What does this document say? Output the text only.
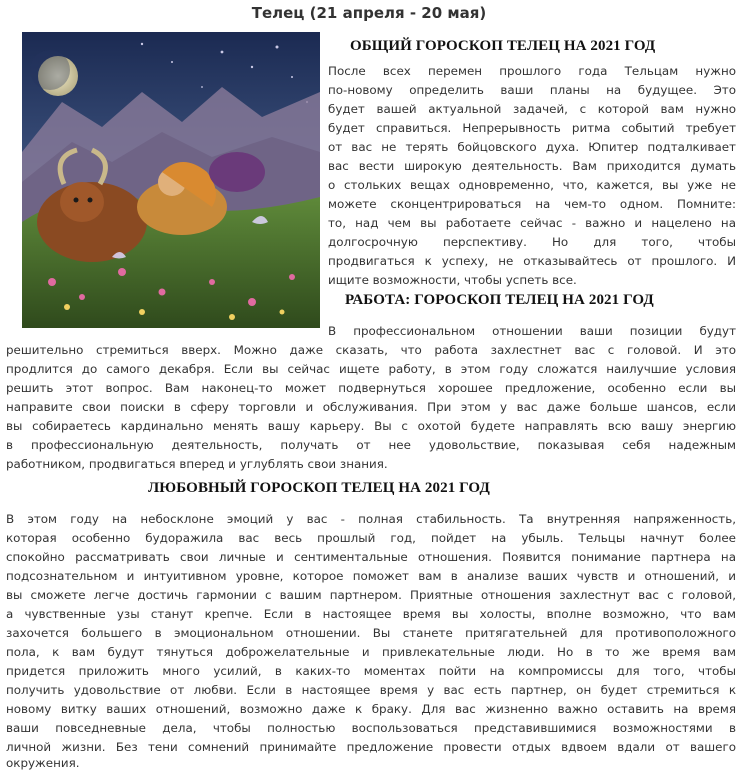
Телец (21 апреля - 20 мая)
ОБЩИЙ ГОРОСКОП ТЕЛЕЦ НА 2021 ГОД
После всех перемен прошлого года Тельцам нужно
по-новому определить ваши планы на будущее. Это
будет вашей актуальной задачей, с которой вам нужно
будет справиться. Непрерывность ритма событий требует
от вас не терять бойцовского духа. Юпитер подталкивает
вас вести широкую деятельность. Вам приходится думать
о стольких вещах одновременно, что, кажется, вы уже не
можете сконцентрироваться на чем-то одном. Помните:
то, над чем вы работаете сейчас - важно и нацелено на
долгосрочную перспективу. Но для того, чтобы
продвигаться к успеху, не отказывайтесь от прошлого. И
ищите возможности, чтобы успеть все.
РАБОТА: ГОРОСКОП ТЕЛЕЦ НА 2021 ГОД
В профессиональном отношении ваши позиции будут
решительно стремиться вверх. Можно даже сказать, что работа захлестнет вас с головой. И это
продлится до самого декабря. Если вы сейчас ищете работу, в этом году сложатся наилучшие условия
решить этот вопрос. Вам наконец-то может подвернуться хорошее предложение, особенно если вы
направите свои поиски в сферу торговли и обслуживания. При этом у вас даже больше шансов, если
вы собираетесь кардинально менять вашу карьеру. Вы с охотой будете направлять всю вашу энергию
в профессиональную деятельность, получать от нее удовольствие, показывая себя надежным
работником, продвигаться вперед и углублять свои знания.
ЛЮБОВНЫЙ ГОРОСКОП ТЕЛЕЦ НА 2021 ГОД
В этом году на небосклоне эмоций у вас - полная стабильность. Та внутренняя напряженность,
которая особенно будоражила вас весь прошлый год, пойдет на убыль. Тельцы начнут более
спокойно рассматривать свои личные и сентиментальные отношения. Появится понимание партнера на
подсознательном и интуитивном уровне, которое поможет вам в анализе ваших чувств и отношений, и
вы сможете легче достичь гармонии с вашим партнером. Приятные отношения захлестнут вас с головой,
а чувственные узы станут крепче. Если в настоящее время вы холосты, вполне возможно, что вам
захочется большего в эмоциональном отношении. Вы станете притягательней для противоположного
пола, к вам будут тянуться доброжелательные и привлекательные люди. Но в то же время вам
придется приложить много усилий, в каких-то моментах пойти на компромиссы для того, чтобы
получить удовольствие от любви. Если в настоящее время у вас есть партнер, он будет стремиться к
новому витку ваших отношений, возможно даже к браку. Для вас жизненно важно оставить на время
ваши повседневные дела, чтобы полностью воспользоваться представившимися возможностями в
личной жизни. Без тени сомнений принимайте предложение провести отдых вдвоем вдали от вашего
окружения.
